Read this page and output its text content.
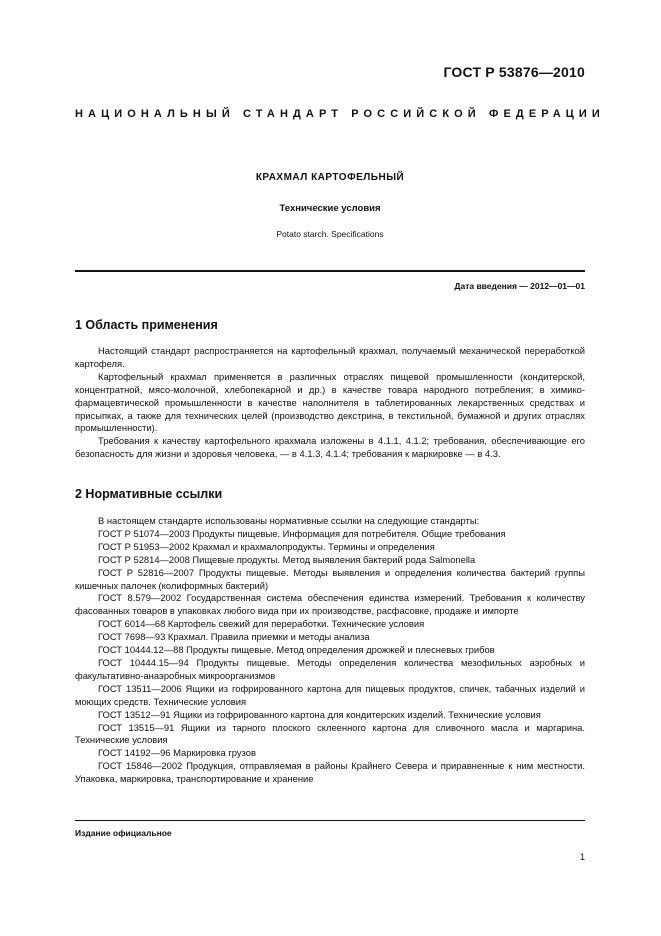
ГОСТ Р 53876—2010
НАЦИОНАЛЬНЫЙ СТАНДАРТ РОССИЙСКОЙ ФЕДЕРАЦИИ
КРАХМАЛ КАРТОФЕЛЬНЫЙ
Технические условия
Potato starch. Specifications
Дата введения — 2012—01—01
1 Область применения

Настоящий стандарт распространяется на картофельный крахмал, получаемый механической переработкой картофеля.

Картофельный крахмал применяется в различных отраслях пищевой промышленности (кондитерской, концентратной, мясо-молочной, хлебопекарной и др.) в качестве товара народного потребления; в химико-фармацевтической промышленности в качестве наполнителя в таблетированных лекарственных средствах и присыпках, а также для технических целей (производство декстрина, в текстильной, бумажной и других отраслях промышленности).

Требования к качеству картофельного крахмала изложены в 4.1.1, 4.1.2; требования, обеспечивающие его безопасность для жизни и здоровья человека, — в 4.1.3, 4.1.4; требования к маркировке — в 4.3.

2 Нормативные ссылки

В настоящем стандарте использованы нормативные ссылки на следующие стандарты:

ГОСТ Р 51074—2003 Продукты пищевые. Информация для потребителя. Общие требования

ГОСТ Р 51953—2002 Крахмал и крахмалопродукты. Термины и определения

ГОСТ Р 52814—2008 Пищевые продукты. Метод выявления бактерий рода Salmonella

ГОСТ Р 52816—2007 Продукты пищевые. Методы выявления и определения количества бактерий группы кишечных палочек (колиформных бактерий)

ГОСТ 8.579—2002 Государственная система обеспечения единства измерений. Требования к количеству фасованных товаров в упаковках любого вида при их производстве, расфасовке, продаже и импорте

ГОСТ 6014—68 Картофель свежий для переработки. Технические условия

ГОСТ 7698—93 Крахмал. Правила приемки и методы анализа

ГОСТ 10444.12—88 Продукты пищевые. Метод определения дрожжей и плесневых грибов

ГОСТ 10444.15—94 Продукты пищевые. Методы определения количества мезофильных аэробных и факультативно-анаэробных микроорганизмов

ГОСТ 13511—2006 Ящики из гофрированного картона для пищевых продуктов, спичек, табачных изделий и моющих средств. Технические условия

ГОСТ 13512—91 Ящики из гофрированного картона для кондитерских изделий. Технические условия

ГОСТ 13515—91 Ящики из тарного плоского склеенного картона для сливочного масла и маргарина. Технические условия

ГОСТ 14192—96 Маркировка грузов

ГОСТ 15846—2002 Продукция, отправляемая в районы Крайнего Севера и приравненные к ним местности. Упаковка, маркировка, транспортирование и хранение

Издание официальное
1
